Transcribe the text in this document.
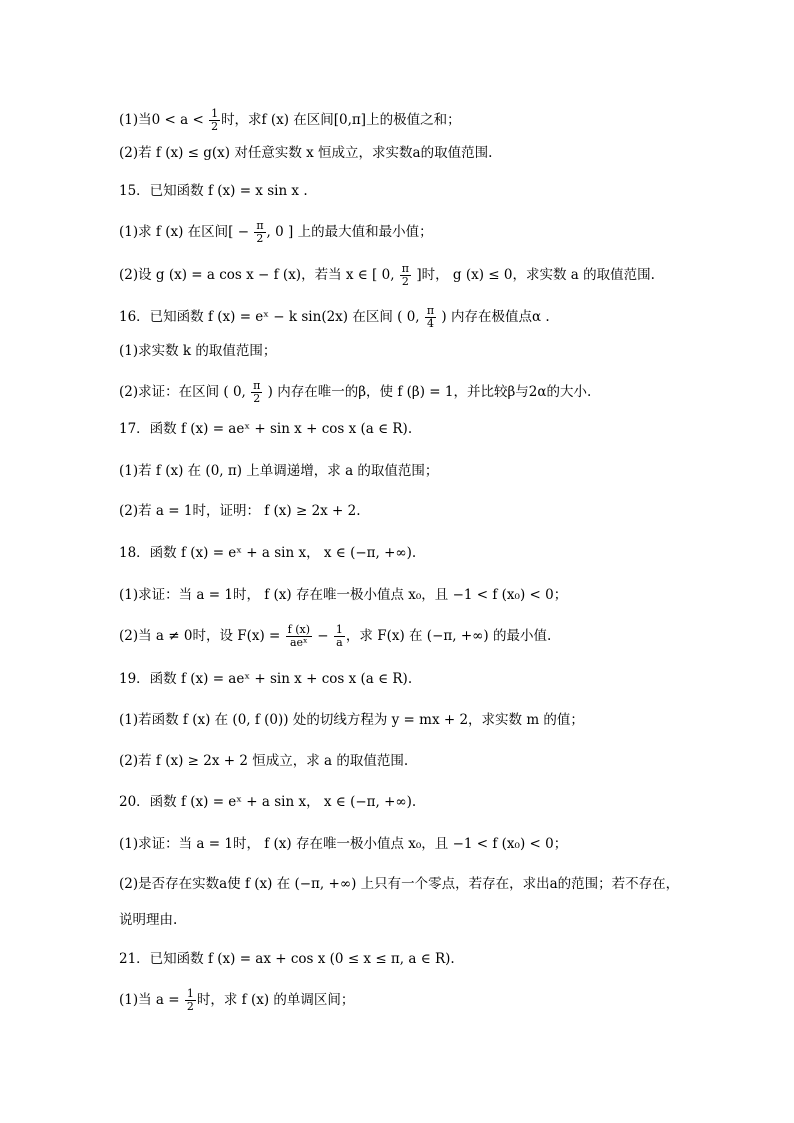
(1)当$0 < a < \frac{1}{2}$ 时，求f (x) 在区间[0,π]上的极值之和；
(2)若 f (x) ≤ g(x) 对任意实数 x 恒成立，求实数a的取值范围.
15．已知函数 f (x) = x sin x .
(1)求 f (x) 在区间[ − $\frac{\pi}{2}$ , 0 ] 上的最大值和最小值；
(2)设 g (x) = a cos x − f (x)，若当 x ∈ [ 0, $\frac{\pi}{2}$ ]时， g (x) ≤ 0，求实数 a 的取值范围.
16．已知函数 f (x) = eˣ − k sin(2x) 在区间 ( 0, $\frac{\pi}{4}$ ) 内存在极值点α .
(1)求实数 k 的取值范围；
(2)求证：在区间 ( 0, $\frac{\pi}{2}$ ) 内存在唯一的β，使 f (β) = 1，并比较β与2α的大小.
17．函数 f (x) = aeˣ + sin x + cos x (a ∈ R).
(1)若 f (x) 在 (0, π) 上单调递增，求 a 的取值范围；
(2)若 a = 1时，证明： f (x) ≥ 2x + 2.
18．函数 f (x) = eˣ + a sin x， x ∈ (−π, +∞).
(1)求证：当 a = 1时， f (x) 存在唯一极小值点 x₀，且 −1 < f (x₀) < 0；
(2)当 a ≠ 0时，设 $F(x) = \frac{f (x)}{\text{aeˣ}} - \frac{1}{a}$ ，求 F(x) 在 (−π, +∞) 的最小值.
19．函数 f (x) = aeˣ + sin x + cos x (a ∈ R).
(1)若函数 f (x) 在 (0, f (0)) 处的切线方程为 y = mx + 2，求实数 m 的值；
(2)若 f (x) ≥ 2x + 2 恒成立，求 a 的取值范围.
20．函数 f (x) = eˣ + a sin x， x ∈ (−π, +∞).
(1)求证：当 a = 1时， f (x) 存在唯一极小值点 x₀，且 −1 < f (x₀) < 0；
(2)是否存在实数a使 f (x) 在 (−π, +∞) 上只有一个零点，若存在，求出a的范围；若不存在，
说明理由.
21．已知函数 f (x) = ax + cos x (0 ≤ x ≤ π, a ∈ R).
(1)当 $a = \frac{1}{2}$ 时，求 f (x) 的单调区间；
